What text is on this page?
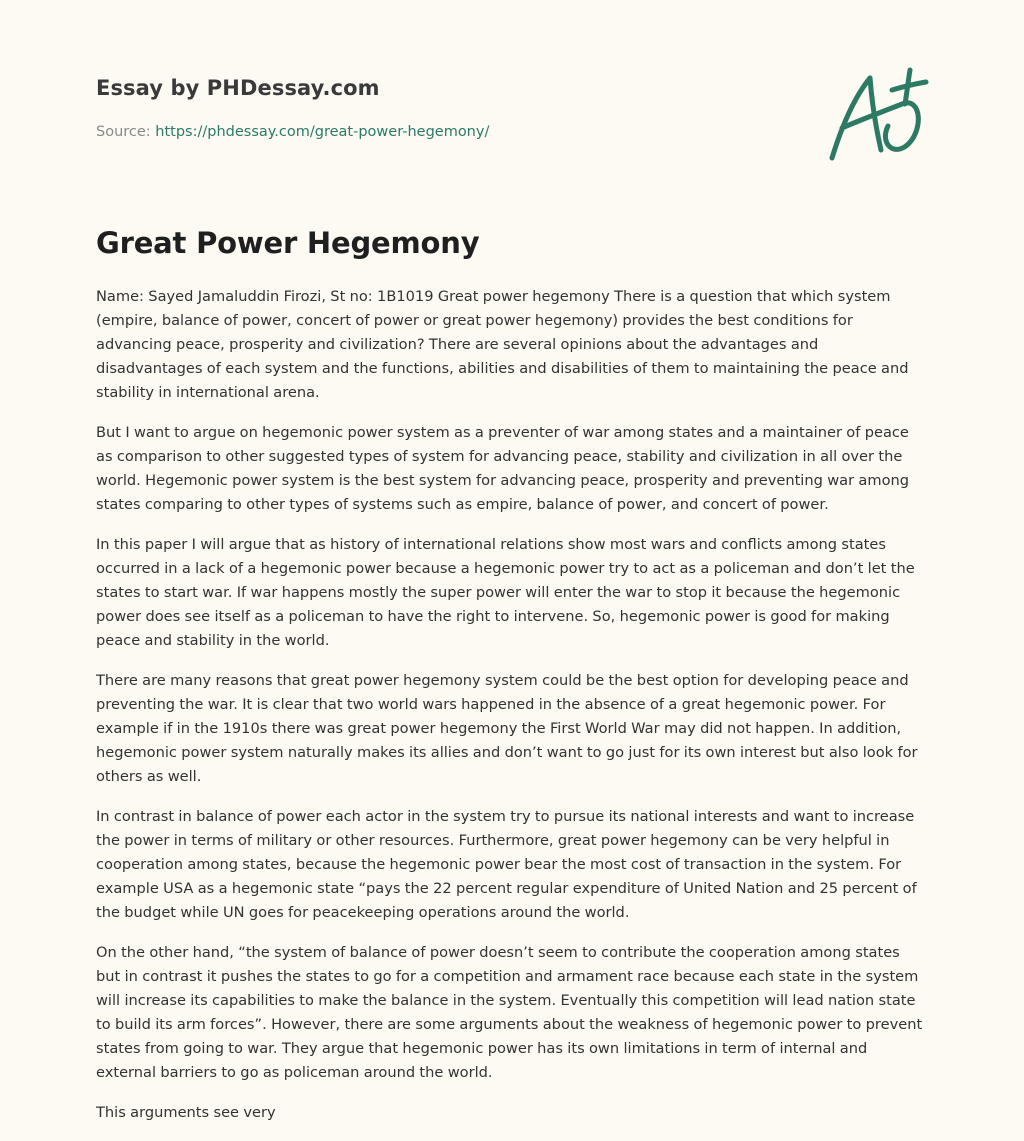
Essay by PHDessay.com

Source: https://phdessay.com/great-power-hegemony/

Great Power Hegemony

Name: Sayed Jamaluddin Firozi, St no: 1B1019 Great power hegemony There is a question that which system (empire, balance of power, concert of power or great power hegemony) provides the best conditions for advancing peace, prosperity and civilization? There are several opinions about the advantages and disadvantages of each system and the functions, abilities and disabilities of them to maintaining the peace and stability in international arena.

But I want to argue on hegemonic power system as a preventer of war among states and a maintainer of peace as comparison to other suggested types of system for advancing peace, stability and civilization in all over the world. Hegemonic power system is the best system for advancing peace, prosperity and preventing war among states comparing to other types of systems such as empire, balance of power, and concert of power.

In this paper I will argue that as history of international relations show most wars and conflicts among states occurred in a lack of a hegemonic power because a hegemonic power try to act as a policeman and don’t let the states to start war. If war happens mostly the super power will enter the war to stop it because the hegemonic power does see itself as a policeman to have the right to intervene. So, hegemonic power is good for making peace and stability in the world.

There are many reasons that great power hegemony system could be the best option for developing peace and preventing the war. It is clear that two world wars happened in the absence of a great hegemonic power. For example if in the 1910s there was great power hegemony the First World War may did not happen. In addition, hegemonic power system naturally makes its allies and don’t want to go just for its own interest but also look for others as well.

In contrast in balance of power each actor in the system try to pursue its national interests and want to increase the power in terms of military or other resources. Furthermore, great power hegemony can be very helpful in cooperation among states, because the hegemonic power bear the most cost of transaction in the system. For example USA as a hegemonic state “pays the 22 percent regular expenditure of United Nation and 25 percent of the budget while UN goes for peacekeeping operations around the world.

On the other hand, “the system of balance of power doesn’t seem to contribute the cooperation among states but in contrast it pushes the states to go for a competition and armament race because each state in the system will increase its capabilities to make the balance in the system. Eventually this competition will lead nation state to build its arm forces”. However, there are some arguments about the weakness of hegemonic power to prevent states from going to war. They argue that hegemonic power has its own limitations in term of internal and external barriers to go as policeman around the world.

This arguments see very
